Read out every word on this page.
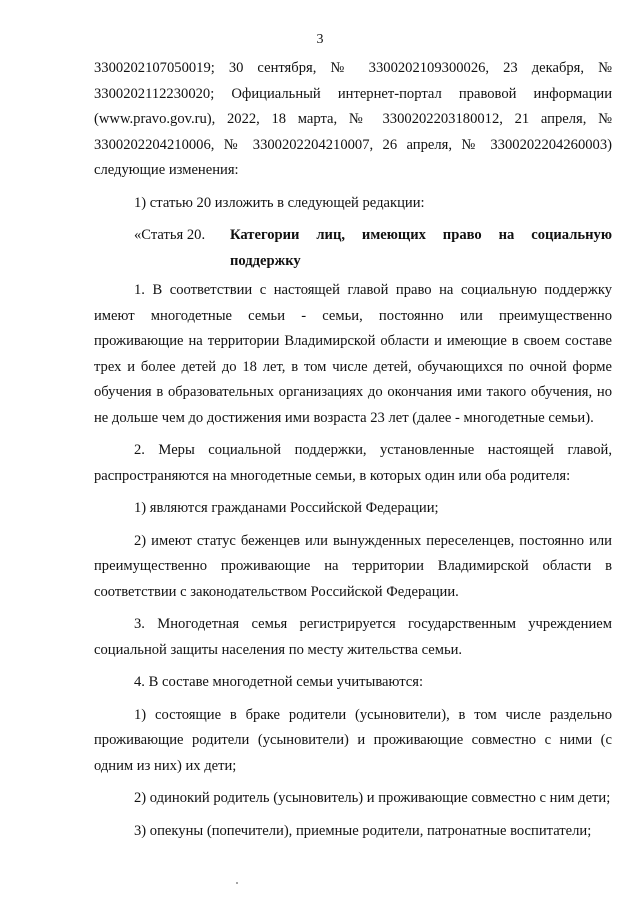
3

3300202107050019; 30 сентября, № 3300202109300026, 23 декабря, № 3300202112230020; Официальный интернет-портал правовой информации (www.pravo.gov.ru), 2022, 18 марта, № 3300202203180012, 21 апреля, № 3300202204210006, № 3300202204210007, 26 апреля, № 3300202204260003) следующие изменения:

1) статью 20 изложить в следующей редакции:

«Статья 20.	Категории лиц, имеющих право на социальную поддержку

1. В соответствии с настоящей главой право на социальную поддержку имеют многодетные семьи - семьи, постоянно или преимущественно проживающие на территории Владимирской области и имеющие в своем составе трех и более детей до 18 лет, в том числе детей, обучающихся по очной форме обучения в образовательных организациях до окончания ими такого обучения, но не дольше чем до достижения ими возраста 23 лет (далее - многодетные семьи).

2. Меры социальной поддержки, установленные настоящей главой, распространяются на многодетные семьи, в которых один или оба родителя:

1) являются гражданами Российской Федерации;

2) имеют статус беженцев или вынужденных переселенцев, постоянно или преимущественно проживающие на территории Владимирской области в соответствии с законодательством Российской Федерации.

3. Многодетная семья регистрируется государственным учреждением социальной защиты населения по месту жительства семьи.

4. В составе многодетной семьи учитываются:

1) состоящие в браке родители (усыновители), в том числе раздельно проживающие родители (усыновители) и проживающие совместно с ними (с одним из них) их дети;

2) одинокий родитель (усыновитель) и проживающие совместно с ним дети;

3) опекуны (попечители), приемные родители, патронатные воспитатели;
